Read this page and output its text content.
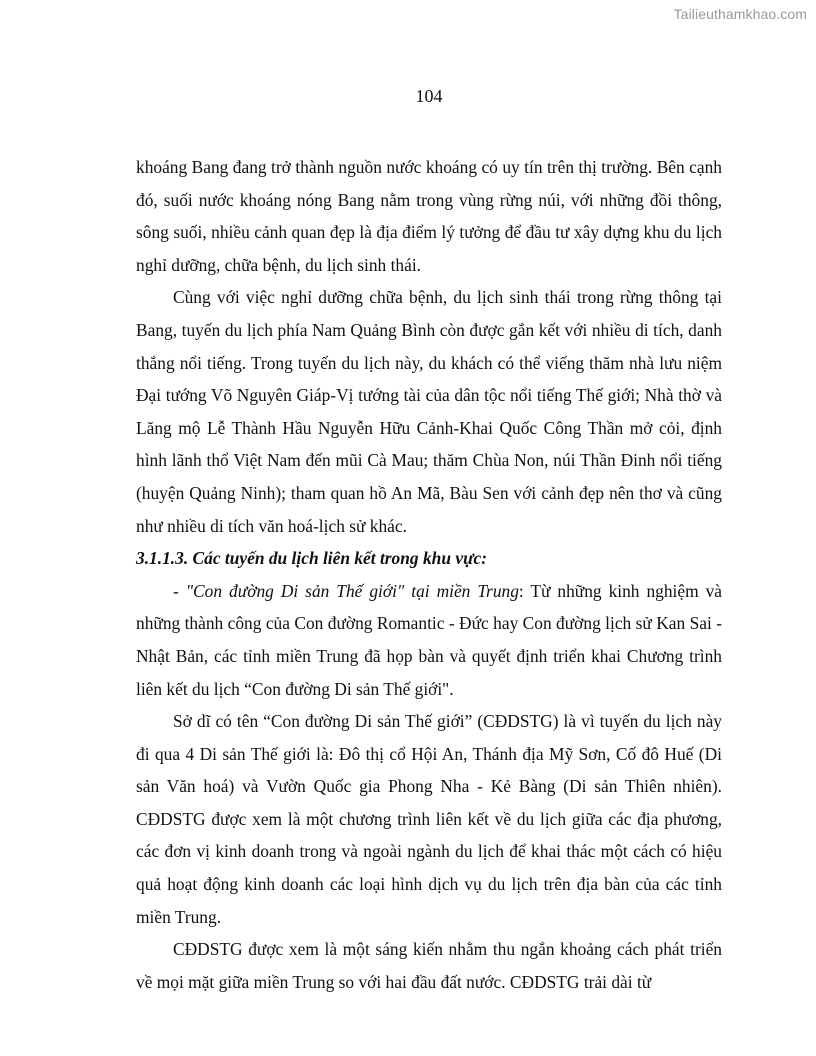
Tailieuthamkhao.com
104

khoáng Bang đang trở thành nguồn nước khoáng có uy tín trên thị trường. Bên cạnh đó, suối nước khoáng nóng Bang nằm trong vùng rừng núi, với những đồi thông, sông suối, nhiều cảnh quan đẹp là địa điểm lý tưởng để đầu tư xây dựng khu du lịch nghỉ dưỡng, chữa bệnh, du lịch sinh thái.

Cùng với việc nghỉ dưỡng chữa bệnh, du lịch sinh thái trong rừng thông tại Bang, tuyến du lịch phía Nam Quảng Bình còn được gắn kết với nhiều di tích, danh thắng nổi tiếng. Trong tuyến du lịch này, du khách có thể viếng thăm nhà lưu niệm Đại tướng Võ Nguyên Giáp-Vị tướng tài của dân tộc nổi tiếng Thế giới; Nhà thờ và Lăng mộ Lễ Thành Hầu Nguyễn Hữu Cảnh-Khai Quốc Công Thần mở cỏi, định hình lãnh thổ Việt Nam đến mũi Cà Mau; thăm Chùa Non, núi Thần Đinh nổi tiếng (huyện Quảng Ninh); tham quan hồ An Mã, Bàu Sen với cảnh đẹp nên thơ và cũng như nhiều di tích văn hoá-lịch sử khác.

3.1.1.3. Các tuyến du lịch liên kết trong khu vực:

- "Con đường Di sản Thế giới" tại miền Trung: Từ những kinh nghiệm và những thành công của Con đường Romantic - Đức hay Con đường lịch sử Kan Sai - Nhật Bản, các tỉnh miền Trung đã họp bàn và quyết định triển khai Chương trình liên kết du lịch “Con đường Di sản Thế giới".

Sở dĩ có tên “Con đường Di sản Thế giới” (CĐDSTG) là vì tuyến du lịch này đi qua 4 Di sản Thế giới là: Đô thị cổ Hội An, Thánh địa Mỹ Sơn, Cố đô Huế (Di sản Văn hoá) và Vườn Quốc gia Phong Nha - Kẻ Bàng (Di sản Thiên nhiên). CĐDSTG được xem là một chương trình liên kết về du lịch giữa các địa phương, các đơn vị kinh doanh trong và ngoài ngành du lịch để khai thác một cách có hiệu quả hoạt động kinh doanh các loại hình dịch vụ du lịch trên địa bàn của các tỉnh miền Trung.

CĐDSTG được xem là một sáng kiến nhằm thu ngắn khoảng cách phát triển về mọi mặt giữa miền Trung so với hai đầu đất nước. CĐDSTG trải dài từ
